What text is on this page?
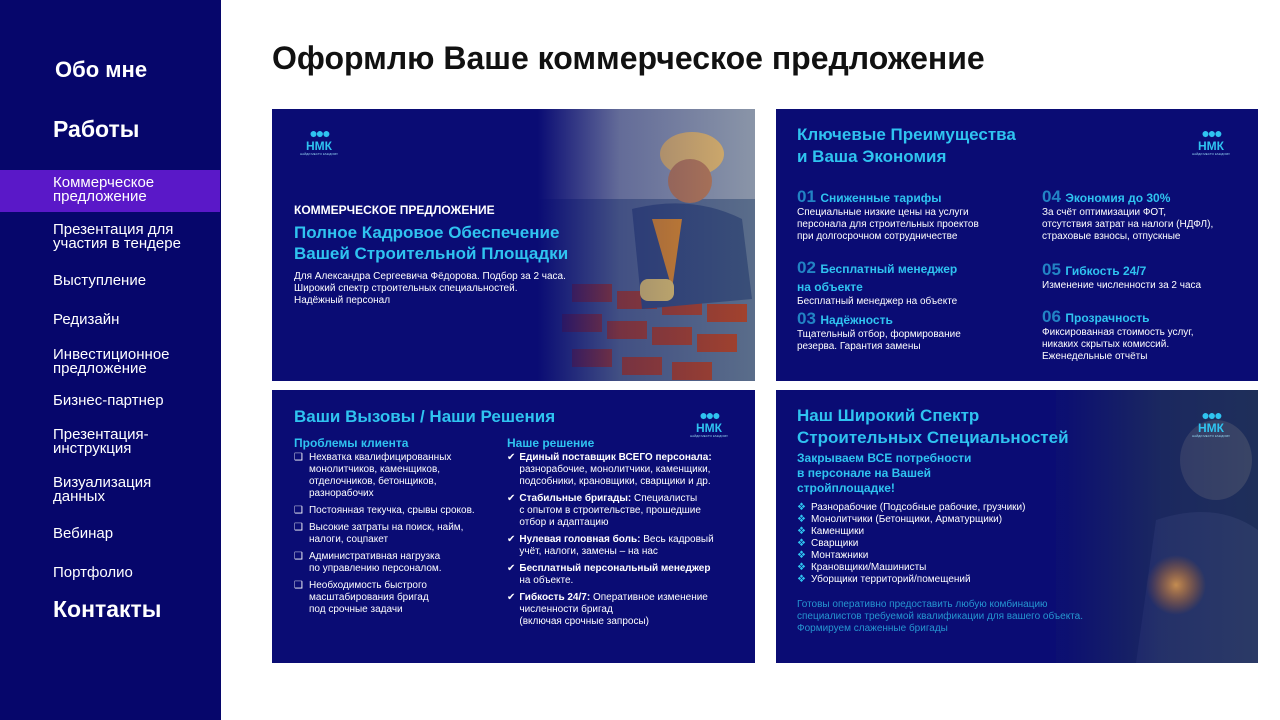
Обо мне
Работы
Коммерческое
предложение
Презентация для
участия в тендере
Выступление
Редизайн
Инвестиционное
предложение
Бизнес-партнер
Презентация-
инструкция
Визуализация
данных
Вебинар
Портфолио
Контакты
Оформлю Ваше коммерческое предложение
●●●
НМК
НАЙДИ МЕСТО КАЖДОМУ
КОММЕРЧЕСКОЕ ПРЕДЛОЖЕНИЕ
Полное Кадровое Обеспечение
Вашей Строительной Площадки
Для Александра Сергеевича Фёдорова. Подбор за 2 часа.
Широкий спектр строительных специальностей.
Надёжный персонал
Ключевые Преимущества
и Ваша Экономия
●●●
НМК
НАЙДИ МЕСТО КАЖДОМУ
01 Сниженные тарифы
Специальные низкие цены на услуги
персонала для строительных проектов
при долгосрочном сотрудничестве
02 Бесплатный менеджер
на объекте
Бесплатный менеджер на объекте
03 Надёжность
Тщательный отбор, формирование
резерва. Гарантия замены
04 Экономия до 30%
За счёт оптимизации ФОТ,
отсутствия затрат на налоги (НДФЛ),
страховые взносы, отпускные
05 Гибкость 24/7
Изменение численности за 2 часа
06 Прозрачность
Фиксированная стоимость услуг,
никаких скрытых комиссий.
Еженедельные отчёты
Ваши Вызовы / Наши Решения	●●●
НМК
НАЙДИ МЕСТО КАЖДОМУ
Проблемы клиента
❑ Нехватка квалифицированных
монолитчиков, каменщиков,
отделочников, бетонщиков,
разнорабочих
❑ Постоянная текучка, срывы сроков.
❑ Высокие затраты на поиск, найм,
налоги, соцпакет
❑ Административная нагрузка
по управлению персоналом.
❑ Необходимость быстрого
масштабирования бригад
под срочные задачи
Наше решение
✔ Единый поставщик ВСЕГО персонала:
разнорабочие, монолитчики, каменщики,
подсобники, крановщики, сварщики и др.
✔ Стабильные бригады: Специалисты
с опытом в строительстве, прошедшие
отбор и адаптацию
✔ Нулевая головная боль: Весь кадровый
учёт, налоги, замены – на нас
✔ Бесплатный персональный менеджер
на объекте.
✔ Гибкость 24/7: Оперативное изменение
численности бригад
(включая срочные запросы)
Наш Широкий Спектр
Строительных Специальностей
●●●
НМК
НАЙДИ МЕСТО КАЖДОМУ
Закрываем ВСЕ потребности
в персонале на Вашей
стройплощадке!
❖ Разнорабочие (Подсобные рабочие, грузчики)
❖ Монолитчики (Бетонщики, Арматурщики)
❖ Каменщики
❖ Сварщики
❖ Монтажники
❖ Крановщики/Машинисты
❖ Уборщики территорий/помещений
Готовы оперативно предоставить любую комбинацию
специалистов требуемой квалификации для вашего объекта.
Формируем слаженные бригады
